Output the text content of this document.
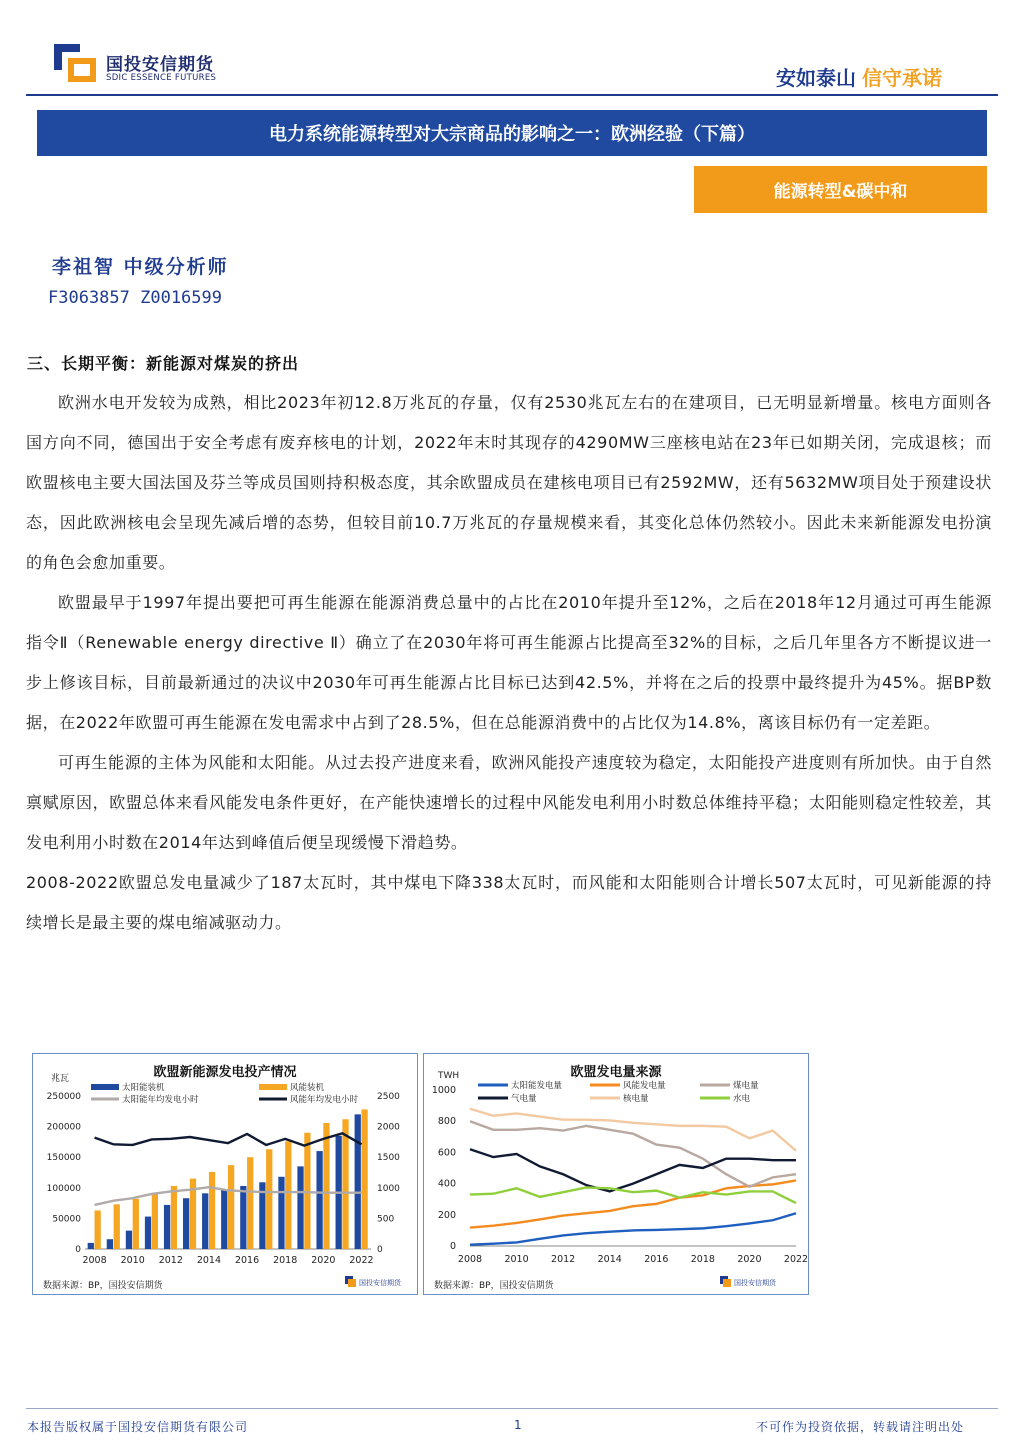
国投安信期货
SDIC ESSENCE FUTURES	安如泰山 信守承诺
电力系统能源转型对大宗商品的影响之一：欧洲经验（下篇）
能源转型&碳中和
李祖智 中级分析师
F3063857 Z0016599
三、长期平衡：新能源对煤炭的挤出

欧洲水电开发较为成熟，相比2023年初12.8万兆瓦的存量，仅有2530兆瓦左右的在建项目，已无明显新增量。核电方面则各国方向不同，德国出于安全考虑有废弃核电的计划，2022年末时其现存的4290MW三座核电站在23年已如期关闭，完成退核；而欧盟核电主要大国法国及芬兰等成员国则持积极态度，其余欧盟成员在建核电项目已有2592MW，还有5632MW项目处于预建设状态，因此欧洲核电会呈现先减后增的态势，但较目前10.7万兆瓦的存量规模来看，其变化总体仍然较小。因此未来新能源发电扮演的角色会愈加重要。

欧盟最早于1997年提出要把可再生能源在能源消费总量中的占比在2010年提升至12%，之后在2018年12月通过可再生能源指令Ⅱ（Renewable energy directive Ⅱ）确立了在2030年将可再生能源占比提高至32%的目标，之后几年里各方不断提议进一步上修该目标，目前最新通过的决议中2030年可再生能源占比目标已达到42.5%，并将在之后的投票中最终提升为45%。据BP数据，在2022年欧盟可再生能源在发电需求中占到了28.5%，但在总能源消费中的占比仅为14.8%，离该目标仍有一定差距。

可再生能源的主体为风能和太阳能。从过去投产进度来看，欧洲风能投产速度较为稳定，太阳能投产进度则有所加快。由于自然禀赋原因，欧盟总体来看风能发电条件更好，在产能快速增长的过程中风能发电利用小时数总体维持平稳；太阳能则稳定性较差，其发电利用小时数在2014年达到峰值后便呈现缓慢下滑趋势。

2008-2022欧盟总发电量减少了187太瓦时，其中煤电下降338太瓦时，而风能和太阳能则合计增长507太瓦时，可见新能源的持续增长是最主要的煤电缩减驱动力。

欧盟新能源发电投产情况
兆瓦
太阳能装机	风能装机
太阳能年均发电小时	风能年均发电小时
0
50000
100000
150000
200000
250000
0
500
1000
1500
2000
2500
2008 2010 2012 2014 2016 2018 2020 2022
数据来源：BP，国投安信期货	国投安信期货
欧盟发电量来源
TWH
太阳能发电量	风能发电量	煤电量
气电量	核电量	水电
0
200
400
600
800
1000
2008 2010 2012 2014 2016 2018 2020 2022
数据来源：BP，国投安信期货	国投安信期货
本报告版权属于国投安信期货有限公司	1	不可作为投资依据，转载请注明出处
